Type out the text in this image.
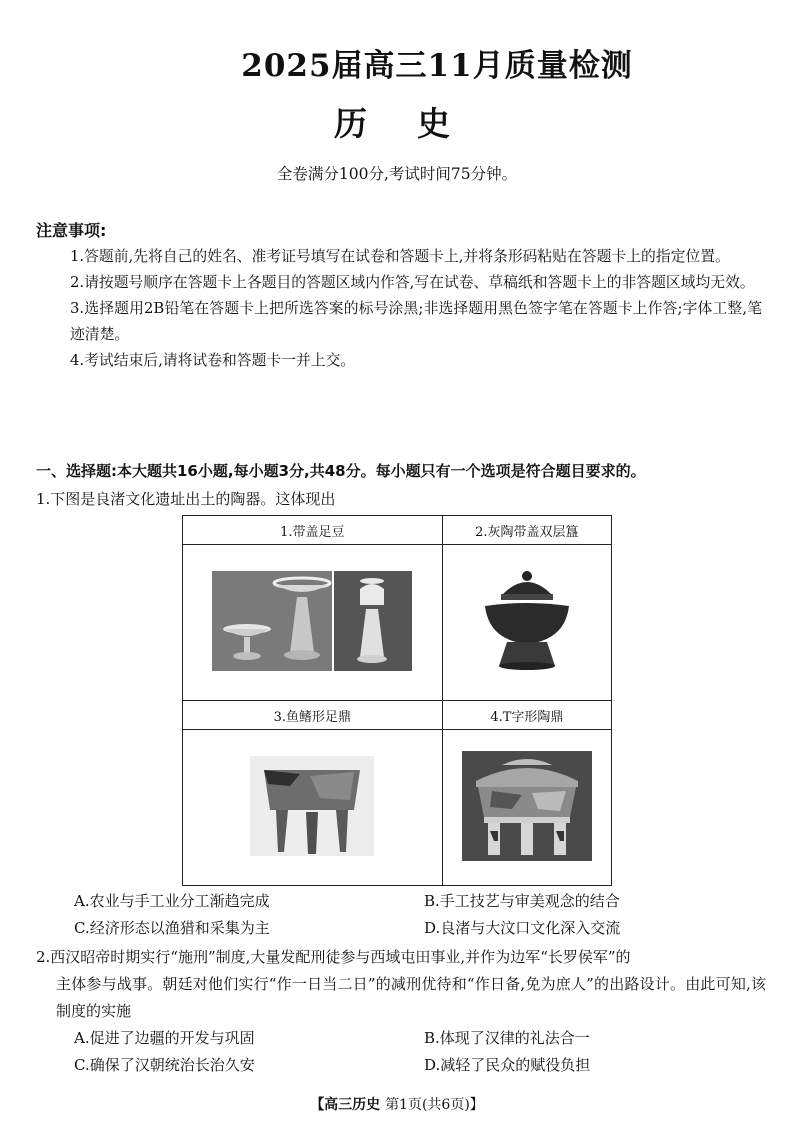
2025届高三11月质量检测
历史
全卷满分100分,考试时间75分钟。
注意事项:
1.答题前,先将自己的姓名、准考证号填写在试卷和答题卡上,并将条形码粘贴在答题卡上的指定位置。
2.请按题号顺序在答题卡上各题目的答题区域内作答,写在试卷、草稿纸和答题卡上的非答题区域均无效。
3.选择题用2B铅笔在答题卡上把所选答案的标号涂黑;非选择题用黑色签字笔在答题卡上作答;字体工整,笔迹清楚。
4.考试结束后,请将试卷和答题卡一并上交。
一、选择题:本大题共16小题,每小题3分,共48分。每小题只有一个选项是符合题目要求的。
1.下图是良渚文化遗址出土的陶器。这体现出
1.带盖足豆	2.灰陶带盖双层簋

3.鱼鳍形足鼎	4.T字形陶鼎

A.农业与手工业分工渐趋完成	B.手工技艺与审美观念的结合
C.经济形态以渔猎和采集为主	D.良渚与大汶口文化深入交流
2.西汉昭帝时期实行“施刑”制度,大量发配刑徒参与西域屯田事业,并作为边军“长罗侯军”的
主体参与战事。朝廷对他们实行“作一日当二日”的减刑优待和“作日备,免为庶人”的出路设计。由此可知,该制度的实施
A.促进了边疆的开发与巩固	B.体现了汉律的礼法合一
C.确保了汉朝统治长治久安	D.减轻了民众的赋役负担
【高三历史 第1页(共6页)】
